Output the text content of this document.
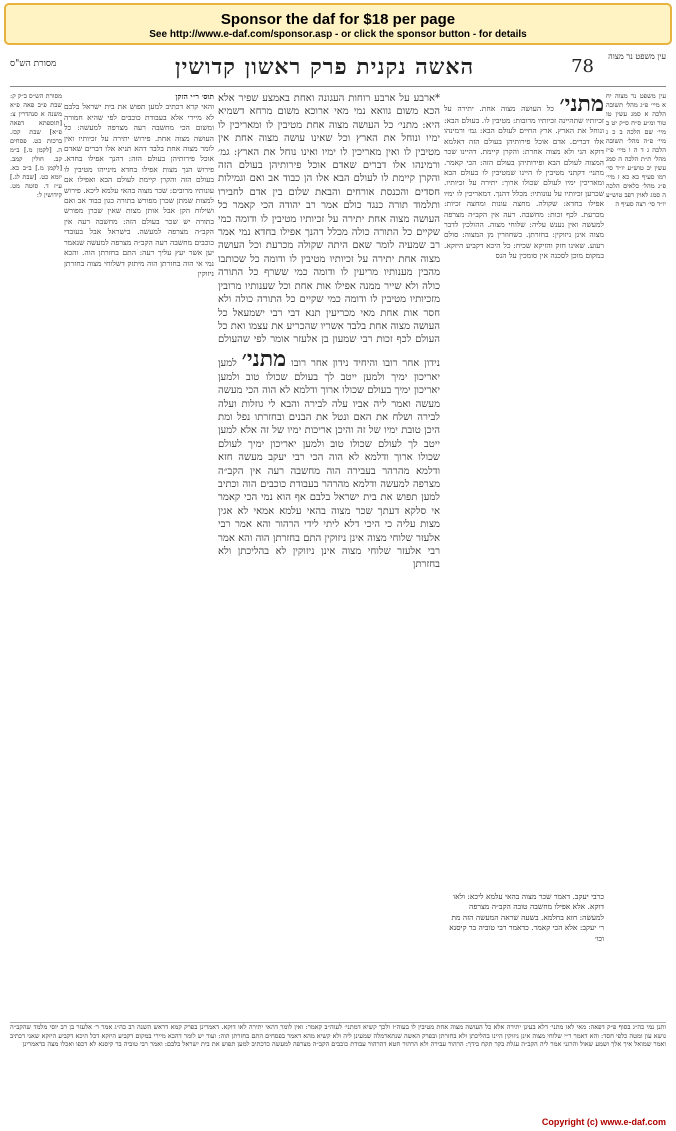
Sponsor the daf for $18 per page
See http://www.e-daf.com/sponsor.asp - or click the sponsor button - for details
עין משפט נר מצוה
78
האשה נקנית פרק ראשון קדושין
מסורת הש"ס
עין משפט נר מצוה יח א מיי׳ פ״ג מהל׳ תשובה הלכה א סמג עשין טו טור ומ״ע ס״ח ס״ק יט ב מיי׳ שם הלכה ב כ ג מיי׳ פ״ה מהל׳ תשובה הלכה ג ד ה ו מיי׳ פ״ז מהל׳ ת״ת הלכה ה סמג עשין יב טוש״ע יו״ד סי׳ רמו סעיף כא כא ז מיי׳ פ״ג מהל׳ כלאים הלכה ה סמג לאוין רפב טוש״ע יו״ד סי׳ רצה סעיף ה
מתני׳ כל העושה מצוה אחת. יתירה על זכיותיו שתהיינה זכיותיו מרובות: מטיבין לו. בעולם הבא: ונוחל את הארץ. ארץ החיים לעולם הבא: גמ׳ ורמינהו אלו דברים. אדם אוכל פירותיהן בעולם הזה דאלמא דוקא הני ולא מצוה אחרת: והקרן קיימת. דהיינו שכר המצוה לעולם הבא ופירותיהן בעולם הזה: הכי קאמר. מתני׳ דקתני מטיבין לו היינו שמטיבין לו בעולם הבא ומאריכין ימיו לעולם שכולו ארוך: יתירה על זכיותיו. שכרען זכיותיו על עונותיו: מכלל דהנך. דמאריכין לו ימיו אפילו בחדא: שקולה. מחצה עונות ומחצה זכיות: מכרעת. לכף זכות: מחשבה. רעה אין הקב״ה מצרפה למעשה ואין נענש עליה: שלוחי מצוה. ההולכין לדבר מצוה אינן ניזוקין: בחזרתן. כשחוזרין מן המצוה: סולם רעוע. שאינו חזק והזיקא שכיח: כל היכא דקביע היזקא. במקום מוכן לסכנה אין סומכין על הנס
*ארבע על ארבע רוחות העגונה ואחת באמצע שפיר אלא הכא משום גוואא נמי מאי ארוכא משום מרחא דשמיא היא: מתני׳ כל העושה מצוה אחת מטיבין לו ומאריכין לו ימיו ונוחל את הארץ וכל שאינו עושה מצוה אחת אין מטיבין לו ואין מאריכין לו ימיו ואינו נוחל את הארץ: גמ׳ ורמינהו אלו דברים שאדם אוכל פירותיהן בעולם הזה והקרן קיימת לו לעולם הבא אלו הן כבוד אב ואם וגמילות חסדים והכנסת אורחים והבאת שלום בין אדם לחבירו ותלמוד תורה כנגד כולם אמר רב יהודה הכי קאמר כל העושה מצוה אחת יתירה על זכיותיו מטיבין לו ודומה כמי שקיים כל התורה כולה מכלל דהנך אפילו בחדא נמי אמר רב שמעיה לומר שאם היתה שקולה מכרעת וכל העושה מצוה אחת יתירה על זכיותיו מטיבין לו ודומה כל שכותבו מהבין מענותיו מריעין לו ודומה כמי ששרף כל התורה כולה ולא שייר ממנה אפילו אות אחת וכל שענותיו מרובין מזכיותיו מטיבין לו ודומה כמי שקיים כל התורה כולה ולא חסר אות אחת מאי מכריעין תנא דבי רבי ישמעאל כל העושה מצוה אחת בלבד אשריו שהכריע את עצמו ואת כל העולם לכף זכות רבי שמעון בן אלעזר אומר לפי שהעולם נידון אחר רובו והיחיד נידון אחר רובו מתני׳ למען יאריכון ימיך ולמען ייטב לך בעולם שכולו טוב ולמען יאריכון ימיך בעולם שכולו ארוך ודלמא לא הוה הכי מעשה מעשה ואמר ליה אביו עלה לבירה והבא לי גוזלות ועלה לבירה ושלח את האם ונטל את הבנים ובחזרתו נפל ומת היכן טובת ימיו של זה והיכן אריכות ימיו של זה אלא למען ייטב לך לעולם שכולו טוב ולמען יאריכון ימיך לעולם שכולו ארוך ודלמא לא הוה הכי רבי יעקב מעשה חזא ודלמא מהרהר בעבירה הוה מחשבה רעה אין הקב״ה מצרפה למעשה ודלמא מהרהר בעבודת כוכבים הוה וכתיב למען תפוש את בית ישראל בלבם אף הוא נמי הכי קאמר אי סלקא דעתך שכר מצוה בהאי עלמא אמאי לא אגין מצות עליה כי היכי דלא ליתי לידי הרהור והא אמר רבי אלעזר שלוחי מצוה אינן ניזוקין התם בחזרתן הוה והא אמר רבי אלעזר שלוחי מצוה אינן ניזוקין לא בהליכתן ולא בחזרתן
תוס׳ ר״י הזקן
והאי קרא דכתיב למען תפוש את בית ישראל בלבם לא מיירי אלא בעבודת כוכבים לפי שהיא חמורה ומשום הכי מחשבה רעה מצרפה למעשה: כל העושה מצוה אחת. פירוש יתירה על זכיותיו ואין לומר מצוה אחת בלבד דהא תניא אלו דברים שאדם אוכל פירותיהן בעולם הזה: דהנך אפילו בחדא. פירוש הנך מצות אפילו בחדא מינייהו מטיבין לו בעולם הזה והקרן קיימת לעולם הבא ואפילו אם עונותיו מרובים: שכר מצוה בהאי עלמא ליכא. פירוש למצות שמתן שכרן מפורש בתורה כגון כבוד אב ואם ושילוח הקן אבל אותן מצות שאין שכרן מפורש בתורה יש שכר בעולם הזה: מחשבה רעה אין הקב״ה מצרפה למעשה. בישראל אבל בעובדי כוכבים מחשבה רעה הקב״ה מצרפה למעשה שנאמר יען אשר יעץ עליך רעה: התם בחזרתן הוה. והכא נמי אי הוה בחזרתן הוה מיתזק דשלוחי מצוה בחזרתן ניזוקין
מסורת הש״ס ב״ק ק: שבת פ״ב פאה פ״א משנה א סנהדרין צ: [תוספתא דפאה פ״א] שבת קכז. ברכות כט. פסחים ה. [לקמן מ.] ב״מ קב. חולין קמב. [לקמן מ.] ב״ב כא. יומא כט. [שבת לג.] ע״ז ד. סוטה מט. קידושין ל:
כרבי יעקב. דאמר שכר מצוה בהאי עלמא ליכא: ולאו דוקא. אלא אפילו מחשבה טובה הקב״ה מצרפה למעשה: חזא בחלמא. בשעה שראה המעשה הזה מת ר׳ יעקב: אלא הכי קאמר. כדאמר רבי טוביה בר קיסנא וכו׳
ותנן נמי כה״ג בסוף פ״ק דפאה: מאי לאו מתני׳ דלא בעינן יתירה אלא כל העושה מצוה אחת מטיבין לו בעוה״ז ולכך קשיא דמתני׳ לעוה״ב קאמר: ואין לומר דהאי יתירה לאו דוקא. דאמרינן בפרק קמא דראש השנה רב כה״ג אמר ר׳ אלעזר בן רב יוסי מלמד שהקב״ה נושא עון ומטה כלפי חסד: והא דאמר ר״י שלוחי מצוה אינן ניזוקין היינו בהליכתן ולא בחזרתן ובפרק האשה שנתארמלה שמעינן ליה ולא קשיא מהא דאמר בפסחים התם בחזרתן הוה: ועוד יש לומר דהכא מיירי במקום דקביע היזקא דכל היכא דקביע היזקא שאני דכתיב ואמר שמואל איך אלך ושמע שאול והרגני אמר ליה הקב״ה עגלת בקר תקח בידך: הרהור עבירה ולא הרהור חטא דהרהור עבודת כוכבים הקב״ה מצרפה למעשה כדכתיב למען תפוש את בית ישראל בלבם: ואמר רבי טוביה בר קיסנא לא דכפו ואכלו מצה כדאמרינן
Copyright (c) www.e-daf.com
